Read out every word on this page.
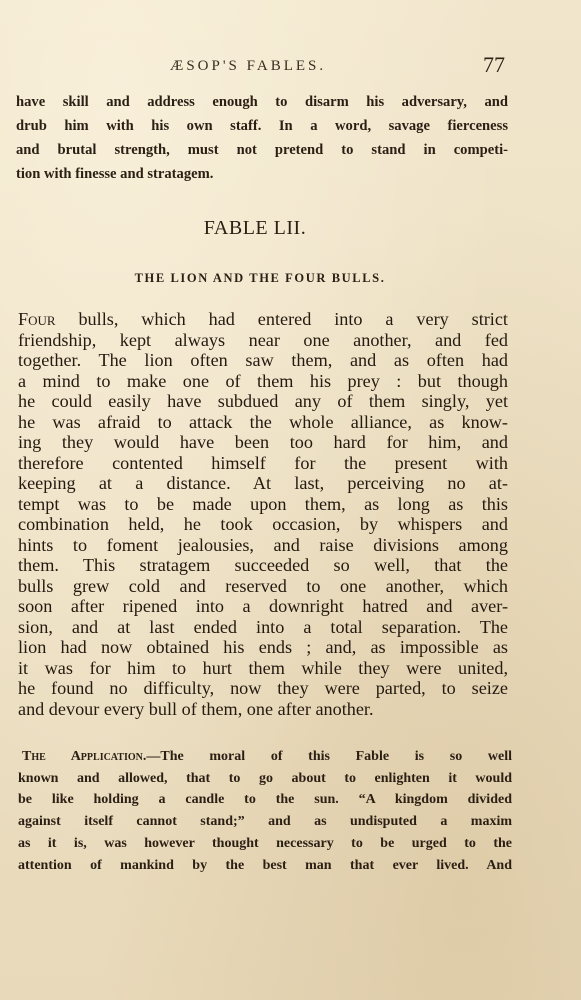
ÆSOP'S FABLES.	77
have skill and address enough to disarm his adversary, and
drub him with his own staff. In a word, savage fierceness
and brutal strength, must not pretend to stand in competi-
tion with finesse and stratagem.
FABLE LII.
THE LION AND THE FOUR BULLS.
Four bulls, which had entered into a very strict
friendship, kept always near one another, and fed
together. The lion often saw them, and as often had
a mind to make one of them his prey : but though
he could easily have subdued any of them singly, yet
he was afraid to attack the whole alliance, as know-
ing they would have been too hard for him, and
therefore contented himself for the present with
keeping at a distance. At last, perceiving no at-
tempt was to be made upon them, as long as this
combination held, he took occasion, by whispers and
hints to foment jealousies, and raise divisions among
them. This stratagem succeeded so well, that the
bulls grew cold and reserved to one another, which
soon after ripened into a downright hatred and aver-
sion, and at last ended into a total separation. The
lion had now obtained his ends ; and, as impossible as
it was for him to hurt them while they were united,
he found no difficulty, now they were parted, to seize
and devour every bull of them, one after another.
The Application.—The moral of this Fable is so well
known and allowed, that to go about to enlighten it would
be like holding a candle to the sun. “A kingdom divided
against itself cannot stand;” and as undisputed a maxim
as it is, was however thought necessary to be urged to the
attention of mankind by the best man that ever lived. And
